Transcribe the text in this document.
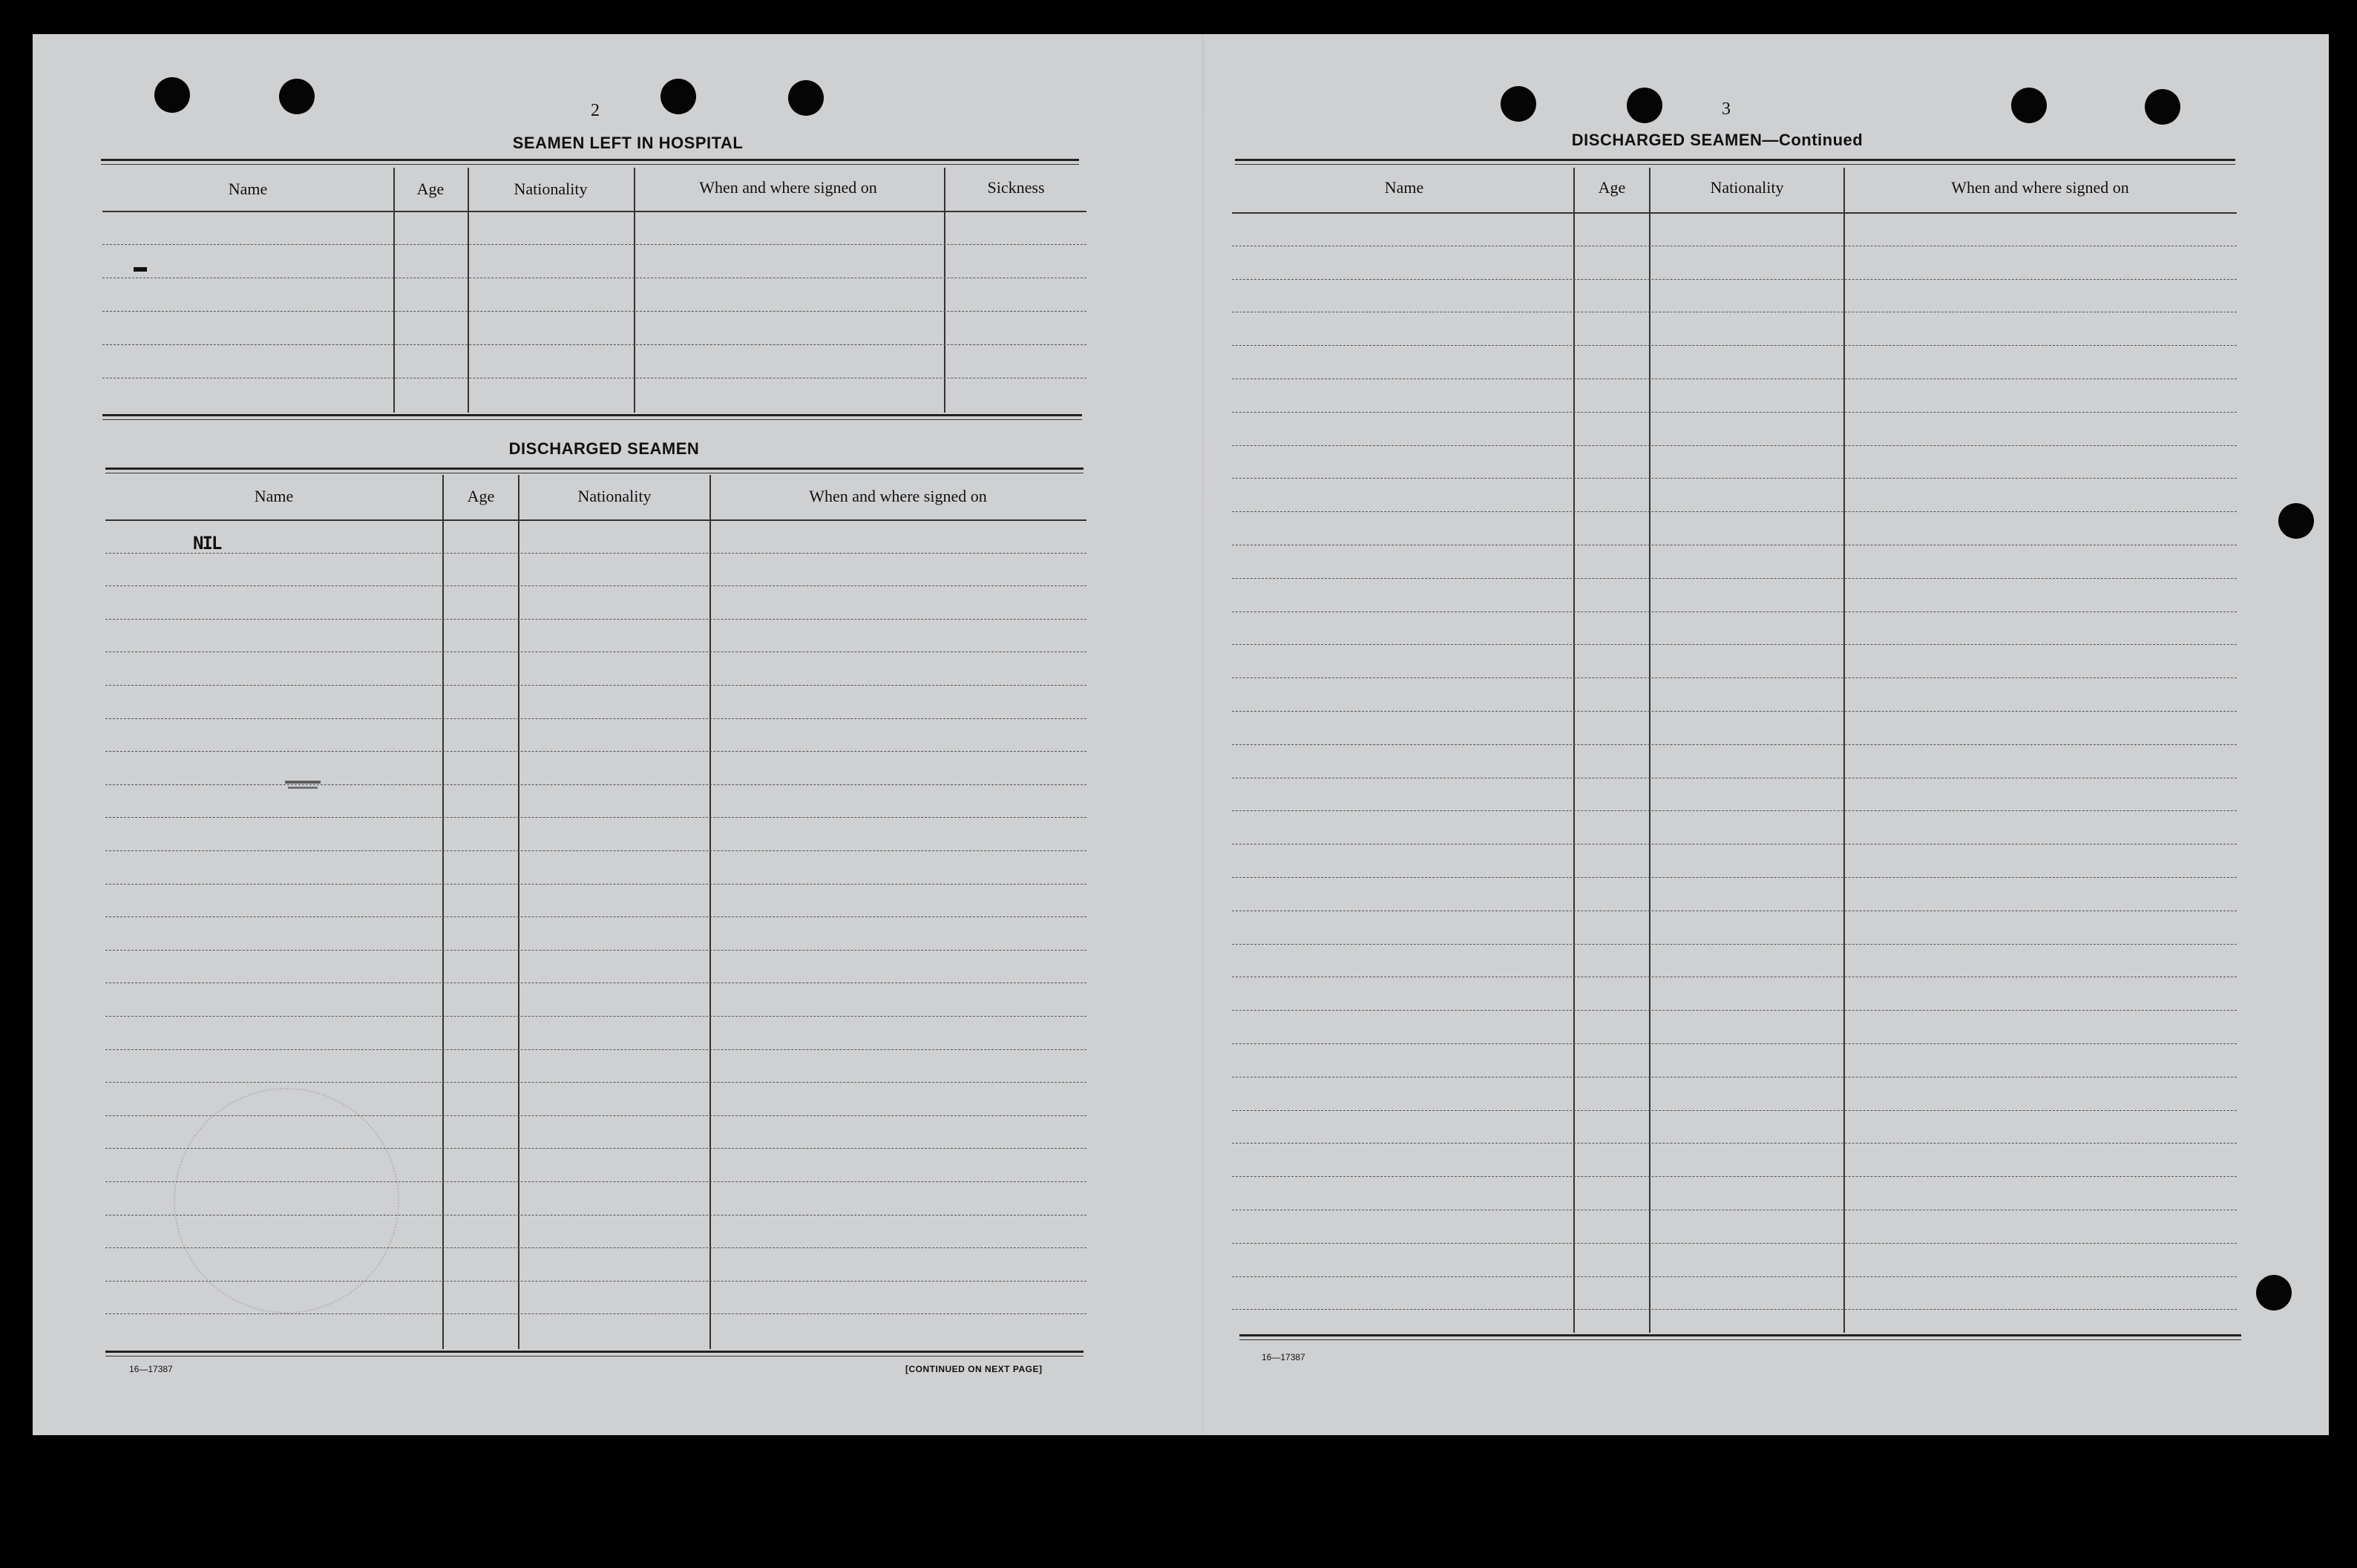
2
SEAMEN LEFT IN HOSPITAL
Name	Age	Nationality	When and where signed on	Sickness
DISCHARGED SEAMEN
Name	Age	Nationality	When and where signed on
NIL
16—17387	[CONTINUED ON NEXT PAGE]
3
DISCHARGED SEAMEN—Continued
Name	Age	Nationality	When and where signed on
16—17387
